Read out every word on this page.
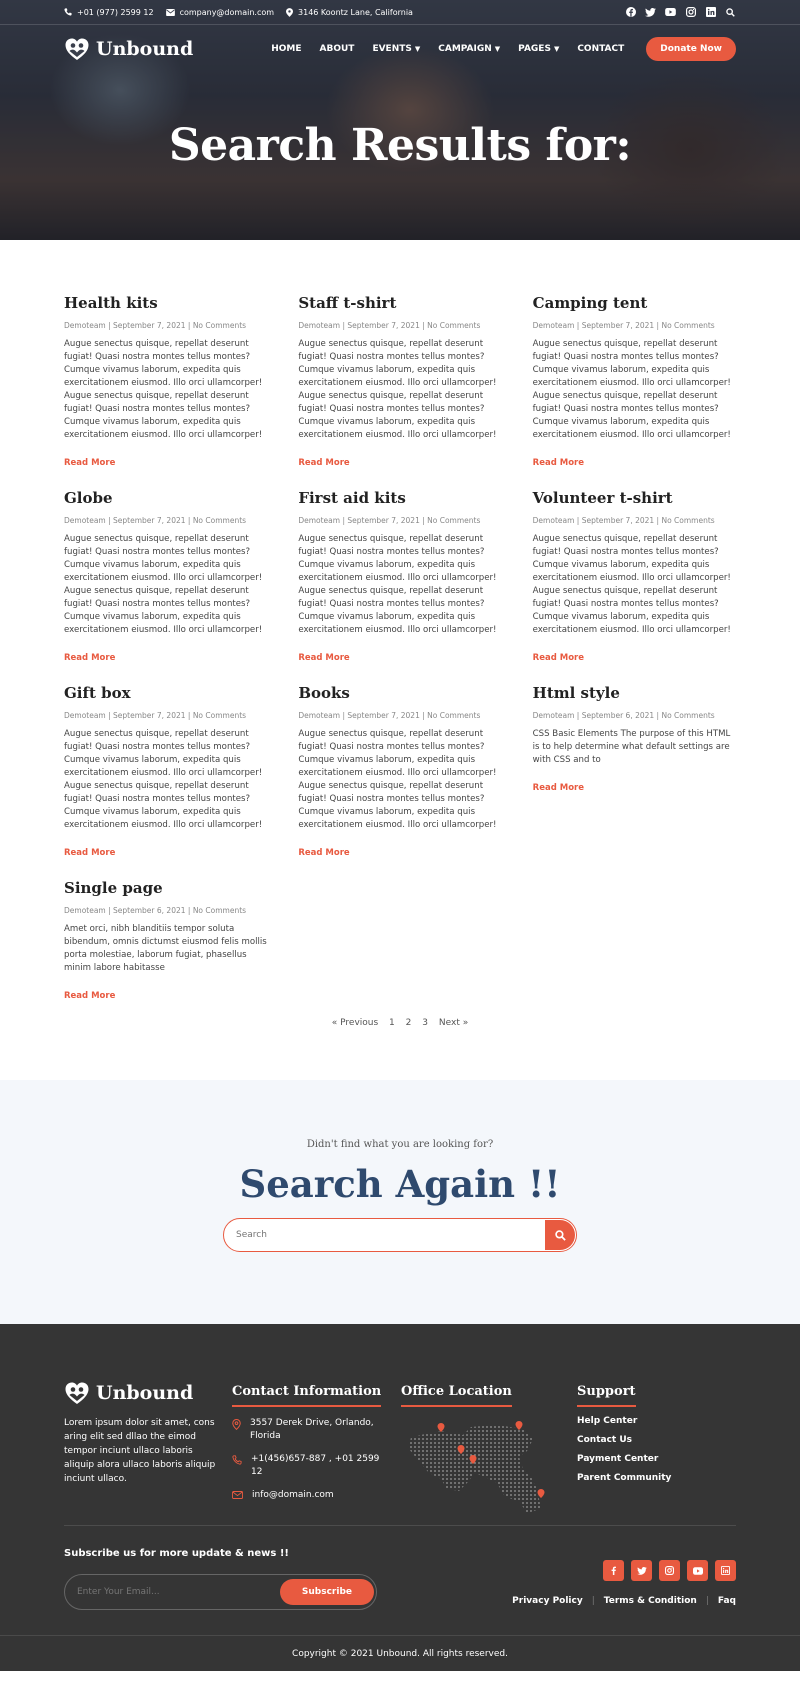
+01 (977) 2599 12	company@domain.com	3146 Koontz Lane, California
Unbound	HOME ABOUT EVENTS ▼ CAMPAIGN ▼ PAGES ▼ CONTACT	Donate Now
Search Results for:
Health kits
Demoteam | September 7, 2021 | No Comments

Augue senectus quisque, repellat deserunt fugiat! Quasi nostra montes tellus montes? Cumque vivamus laborum, expedita quis exercitationem eiusmod. Illo orci ullamcorper! Augue senectus quisque, repellat deserunt fugiat! Quasi nostra montes tellus montes? Cumque vivamus laborum, expedita quis exercitationem eiusmod. Illo orci ullamcorper!

Read More
Staff t-shirt
Demoteam | September 7, 2021 | No Comments

Augue senectus quisque, repellat deserunt fugiat! Quasi nostra montes tellus montes? Cumque vivamus laborum, expedita quis exercitationem eiusmod. Illo orci ullamcorper! Augue senectus quisque, repellat deserunt fugiat! Quasi nostra montes tellus montes? Cumque vivamus laborum, expedita quis exercitationem eiusmod. Illo orci ullamcorper!

Read More
Camping tent
Demoteam | September 7, 2021 | No Comments

Augue senectus quisque, repellat deserunt fugiat! Quasi nostra montes tellus montes? Cumque vivamus laborum, expedita quis exercitationem eiusmod. Illo orci ullamcorper! Augue senectus quisque, repellat deserunt fugiat! Quasi nostra montes tellus montes? Cumque vivamus laborum, expedita quis exercitationem eiusmod. Illo orci ullamcorper!

Read More
Globe
Demoteam | September 7, 2021 | No Comments

Augue senectus quisque, repellat deserunt fugiat! Quasi nostra montes tellus montes? Cumque vivamus laborum, expedita quis exercitationem eiusmod. Illo orci ullamcorper! Augue senectus quisque, repellat deserunt fugiat! Quasi nostra montes tellus montes? Cumque vivamus laborum, expedita quis exercitationem eiusmod. Illo orci ullamcorper!

Read More
First aid kits
Demoteam | September 7, 2021 | No Comments

Augue senectus quisque, repellat deserunt fugiat! Quasi nostra montes tellus montes? Cumque vivamus laborum, expedita quis exercitationem eiusmod. Illo orci ullamcorper! Augue senectus quisque, repellat deserunt fugiat! Quasi nostra montes tellus montes? Cumque vivamus laborum, expedita quis exercitationem eiusmod. Illo orci ullamcorper!

Read More
Volunteer t-shirt
Demoteam | September 7, 2021 | No Comments

Augue senectus quisque, repellat deserunt fugiat! Quasi nostra montes tellus montes? Cumque vivamus laborum, expedita quis exercitationem eiusmod. Illo orci ullamcorper! Augue senectus quisque, repellat deserunt fugiat! Quasi nostra montes tellus montes? Cumque vivamus laborum, expedita quis exercitationem eiusmod. Illo orci ullamcorper!

Read More
Gift box
Demoteam | September 7, 2021 | No Comments

Augue senectus quisque, repellat deserunt fugiat! Quasi nostra montes tellus montes? Cumque vivamus laborum, expedita quis exercitationem eiusmod. Illo orci ullamcorper! Augue senectus quisque, repellat deserunt fugiat! Quasi nostra montes tellus montes? Cumque vivamus laborum, expedita quis exercitationem eiusmod. Illo orci ullamcorper!

Read More
Books
Demoteam | September 7, 2021 | No Comments

Augue senectus quisque, repellat deserunt fugiat! Quasi nostra montes tellus montes? Cumque vivamus laborum, expedita quis exercitationem eiusmod. Illo orci ullamcorper! Augue senectus quisque, repellat deserunt fugiat! Quasi nostra montes tellus montes? Cumque vivamus laborum, expedita quis exercitationem eiusmod. Illo orci ullamcorper!

Read More
Html style
Demoteam | September 6, 2021 | No Comments

CSS Basic Elements The purpose of this HTML is to help determine what default settings are with CSS and to

Read More
Single page
Demoteam | September 6, 2021 | No Comments

Amet orci, nibh blanditiis tempor soluta bibendum, omnis dictumst eiusmod felis mollis porta molestiae, laborum fugiat, phasellus minim labore habitasse

Read More
« Previous 1 2 3 Next »
Didn't find what you are looking for?
Search Again !!
Search
Unbound

Lorem ipsum dolor sit amet, cons aring elit sed dllao the eimod tempor inciunt ullaco laboris aliquip alora ullaco laboris aliquip inciunt ullaco.

Contact Information
3557 Derek Drive, Orlando, Florida
+1(456)657-887 , +01 2599 12
info@domain.com
Office Location	Support
Help Center
Contact Us
Payment Center
Parent Community
Subscribe us for more update & news !!
Enter Your Email...
Subscribe
Privacy Policy | Terms & Condition | Faq
Copyright © 2021 Unbound. All rights reserved.
